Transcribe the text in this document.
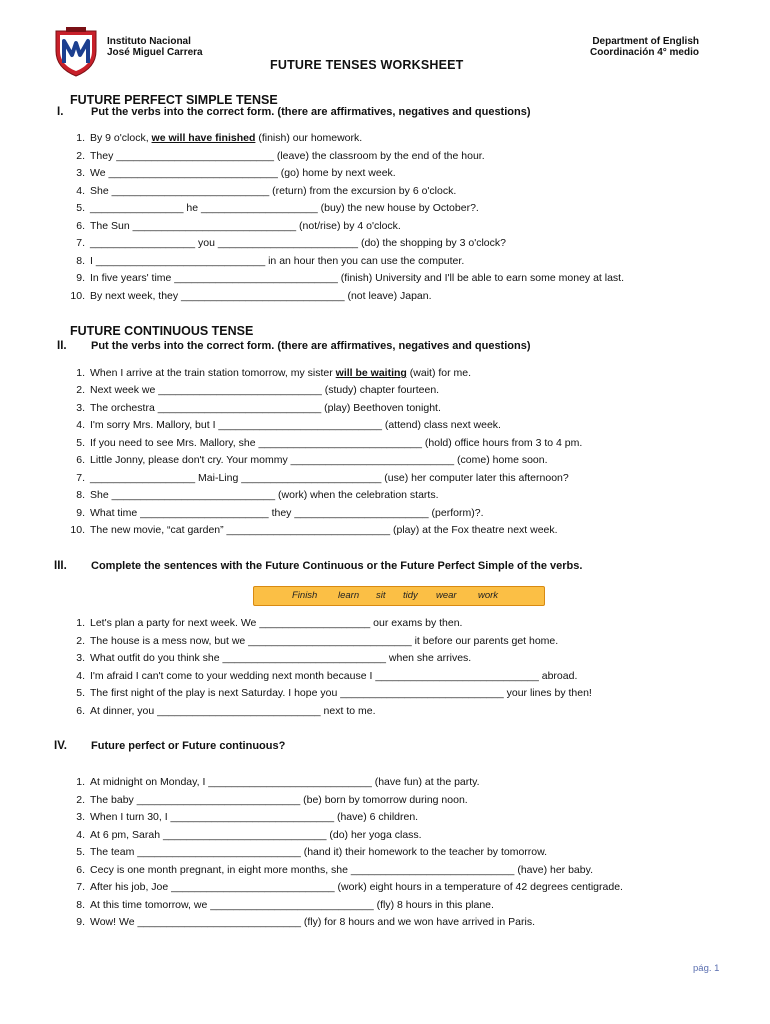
Instituto Nacional
José Miguel Carrera
Department of English
Coordinación 4° medio
FUTURE TENSES WORKSHEET
FUTURE PERFECT SIMPLE TENSE
I.	Put the verbs into the correct form. (there are affirmatives, negatives and questions)
1. By 9 o'clock, we will have finished (finish) our homework.
2. They ___________________________ (leave) the classroom by the end of the hour.
3. We _____________________________ (go) home by next week.
4. She ___________________________ (return) from the excursion by 6 o'clock.
5. ________________ he ____________________ (buy) the new house by October?.
6. The Sun ____________________________ (not/rise) by 4 o'clock.
7. __________________ you ________________________ (do) the shopping by 3 o'clock?
8. I _____________________________ in an hour then you can use the computer.
9. In five years' time ____________________________ (finish) University and I'll be able to earn some money at last.
10. By next week, they ____________________________ (not leave) Japan.
FUTURE CONTINUOUS TENSE
II. Put the verbs into the correct form. (there are affirmatives, negatives and questions)
1. When I arrive at the train station tomorrow, my sister will be waiting (wait) for me.
2. Next week we ____________________________ (study) chapter fourteen.
3. The orchestra ____________________________ (play) Beethoven tonight.
4. I'm sorry Mrs. Mallory, but I ____________________________ (attend) class next week.
5. If you need to see Mrs. Mallory, she ____________________________ (hold) office hours from 3 to 4 pm.
6. Little Jonny, please don't cry. Your mommy ____________________________ (come) home soon.
7. __________________ Mai-Ling ________________________ (use) her computer later this afternoon?
8. She ____________________________ (work) when the celebration starts.
9. What time ______________________ they _______________________ (perform)?.
10. The new movie, “cat garden” ____________________________ (play) at the Fox theatre next week.
III. Complete the sentences with the Future Continuous or the Future Perfect Simple of the verbs.
Finish learn sit tidy wear work
1. Let's plan a party for next week. We ___________________ our exams by then.
2. The house is a mess now, but we ____________________________ it before our parents get home.
3. What outfit do you think she ____________________________ when she arrives.
4. I'm afraid I can't come to your wedding next month because I ____________________________ abroad.
5. The first night of the play is next Saturday. I hope you ____________________________ your lines by then!
6. At dinner, you ____________________________ next to me.
IV. Future perfect or Future continuous?
1. At midnight on Monday, I ____________________________ (have fun) at the party.
2. The baby ____________________________ (be) born by tomorrow during noon.
3. When I turn 30, I ____________________________ (have) 6 children.
4. At 6 pm, Sarah ____________________________ (do) her yoga class.
5. The team ____________________________ (hand it) their homework to the teacher by tomorrow.
6. Cecy is one month pregnant, in eight more months, she ____________________________ (have) her baby.
7. After his job, Joe ____________________________ (work) eight hours in a temperature of 42 degrees centigrade.
8. At this time tomorrow, we ____________________________ (fly) 8 hours in this plane.
9. Wow! We ____________________________ (fly) for 8 hours and we won have arrived in Paris.
pág. 1
